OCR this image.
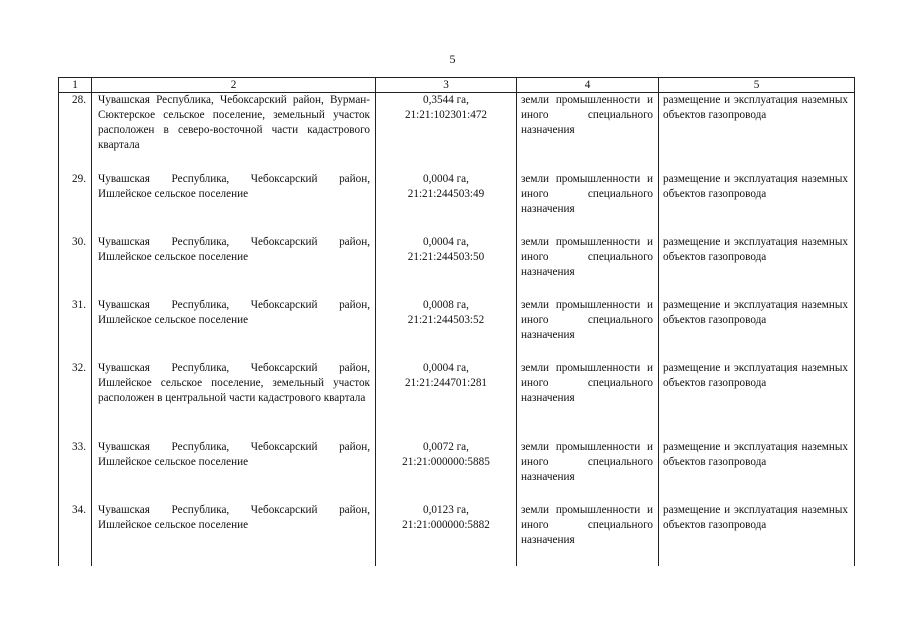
5
1	2	3	4	5
28.	Чувашская Республика, Чебоксарский район, Вурман-Сюктерское сельское поселение, земельный участок расположен в северо-восточной части кадастрового квартала	0,3544 га,
21:21:102301:472	земли промышленности и иного специального назначения	размещение и эксплуатация наземных объектов газопровода
29.	Чувашская Республика, Чебоксарский район, Ишлейское сельское поселение	0,0004 га,
21:21:244503:49	земли промышленности и иного специального назначения	размещение и эксплуатация наземных объектов газопровода
30.	Чувашская Республика, Чебоксарский район, Ишлейское сельское поселение	0,0004 га,
21:21:244503:50	земли промышленности и иного специального назначения	размещение и эксплуатация наземных объектов газопровода
31.	Чувашская Республика, Чебоксарский район, Ишлейское сельское поселение	0,0008 га,
21:21:244503:52	земли промышленности и иного специального назначения	размещение и эксплуатация наземных объектов газопровода
32.	Чувашская Республика, Чебоксарский район, Ишлейское сельское поселение, земельный участок расположен в центральной части кадастрового квартала	0,0004 га,
21:21:244701:281	земли промышленности и иного специального назначения	размещение и эксплуатация наземных объектов газопровода
33.	Чувашская Республика, Чебоксарский район, Ишлейское сельское поселение	0,0072 га,
21:21:000000:5885	земли промышленности и иного специального назначения	размещение и эксплуатация наземных объектов газопровода
34.	Чувашская Республика, Чебоксарский район, Ишлейское сельское поселение	0,0123 га,
21:21:000000:5882	земли промышленности и иного специального назначения	размещение и эксплуатация наземных объектов газопровода
